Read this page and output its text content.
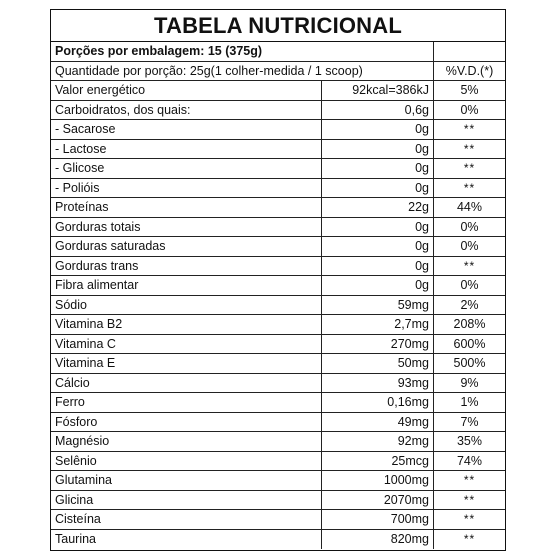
TABELA NUTRICIONAL
Porções por embalagem: 15 (375g)
Quantidade por porção: 25g(1 colher-medida / 1 scoop)	%V.D.(*)
Valor energético	92kcal=386kJ	5%
Carboidratos, dos quais:	0,6g	0%
- Sacarose	0g	**
- Lactose	0g	**
- Glicose	0g	**
- Polióis	0g	**
Proteínas	22g	44%
Gorduras totais	0g	0%
Gorduras saturadas	0g	0%
Gorduras trans	0g	**
Fibra alimentar	0g	0%
Sódio	59mg	2%
Vitamina B2	2,7mg	208%
Vitamina C	270mg	600%
Vitamina E	50mg	500%
Cálcio	93mg	9%
Ferro	0,16mg	1%
Fósforo	49mg	7%
Magnésio	92mg	35%
Selênio	25mcg	74%
Glutamina	1000mg	**
Glicina	2070mg	**
Cisteína	700mg	**
Taurina	820mg	**
